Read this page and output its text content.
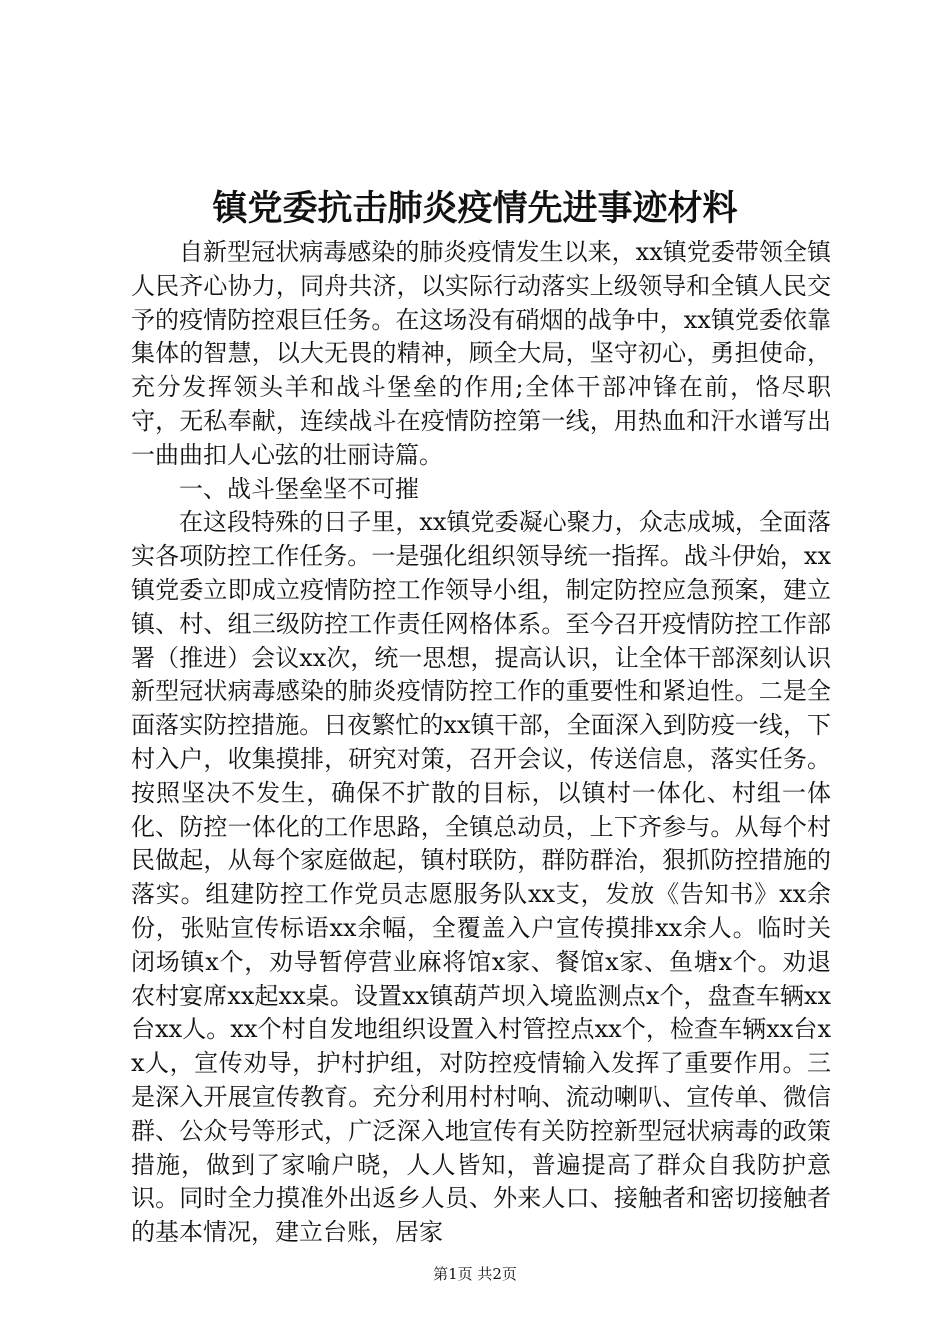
镇党委抗击肺炎疫情先进事迹材料

自新型冠状病毒感染的肺炎疫情发生以来，xx镇党委带领全镇人民齐心协力，同舟共济，以实际行动落实上级领导和全镇人民交予的疫情防控艰巨任务。在这场没有硝烟的战争中，xx镇党委依靠集体的智慧，以大无畏的精神，顾全大局，坚守初心，勇担使命，充分发挥领头羊和战斗堡垒的作用;全体干部冲锋在前，恪尽职守，无私奉献，连续战斗在疫情防控第一线，用热血和汗水谱写出一曲曲扣人心弦的壮丽诗篇。

一、战斗堡垒坚不可摧

在这段特殊的日子里，xx镇党委凝心聚力，众志成城，全面落实各项防控工作任务。一是强化组织领导统一指挥。战斗伊始，xx镇党委立即成立疫情防控工作领导小组，制定防控应急预案，建立镇、村、组三级防控工作责任网格体系。至今召开疫情防控工作部署（推进）会议xx次，统一思想，提高认识，让全体干部深刻认识新型冠状病毒感染的肺炎疫情防控工作的重要性和紧迫性。二是全面落实防控措施。日夜繁忙的xx镇干部，全面深入到防疫一线，下村入户，收集摸排，研究对策，召开会议，传送信息，落实任务。按照坚决不发生，确保不扩散的目标，以镇村一体化、村组一体化、防控一体化的工作思路，全镇总动员，上下齐参与。从每个村民做起，从每个家庭做起，镇村联防，群防群治，狠抓防控措施的落实。组建防控工作党员志愿服务队xx支，发放《告知书》xx余份，张贴宣传标语xx余幅，全覆盖入户宣传摸排xx余人。临时关闭场镇x个，劝导暂停营业麻将馆x家、餐馆x家、鱼塘x个。劝退农村宴席xx起xx桌。设置xx镇葫芦坝入境监测点x个，盘查车辆xx台xx人。xx个村自发地组织设置入村管控点xx个，检查车辆xx台xx人，宣传劝导，护村护组，对防控疫情输入发挥了重要作用。三是深入开展宣传教育。充分利用村村响、流动喇叭、宣传单、微信群、公众号等形式，广泛深入地宣传有关防控新型冠状病毒的政策措施，做到了家喻户晓，人人皆知，普遍提高了群众自我防护意识。同时全力摸准外出返乡人员、外来人口、接触者和密切接触者的基本情况，建立台账，居家

第1页 共2页
